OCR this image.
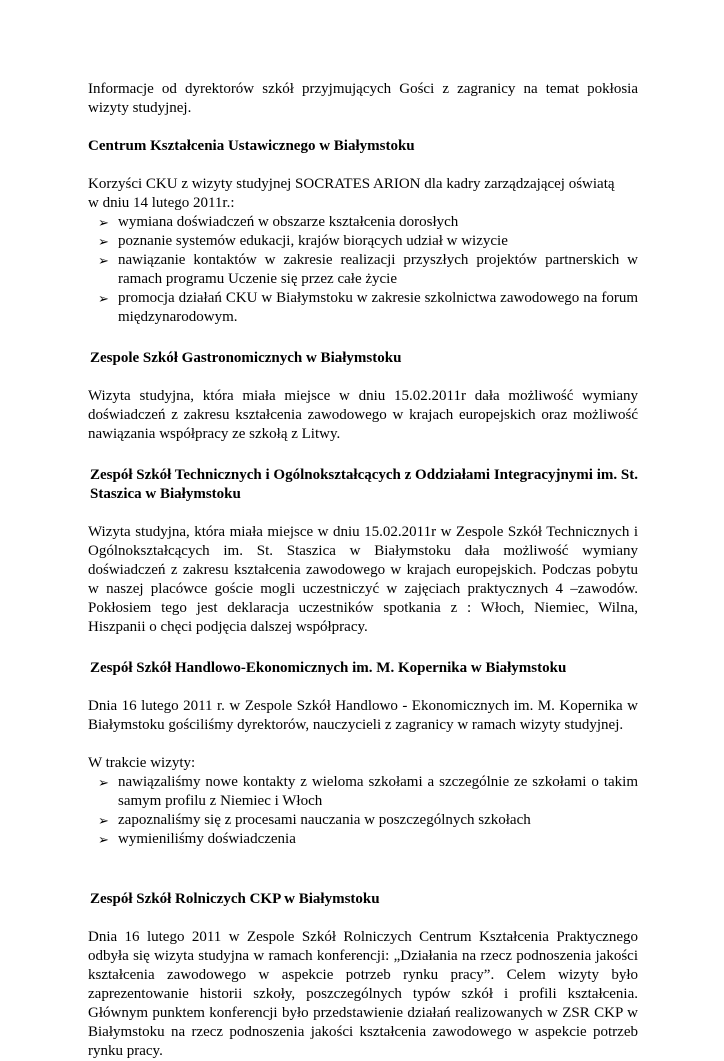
Informacje od dyrektorów szkół przyjmujących Gości z zagranicy na temat pokłosia wizyty studyjnej.

Centrum Kształcenia Ustawicznego w Białymstoku

Korzyści CKU z wizyty studyjnej SOCRATES ARION dla kadry zarządzającej oświatą

w dniu 14 lutego 2011r.:

➢ wymiana doświadczeń w obszarze kształcenia dorosłych
➢ poznanie systemów edukacji, krajów biorących udział w wizycie
➢ nawiązanie kontaktów w zakresie realizacji przyszłych projektów partnerskich w ramach programu Uczenie się przez całe życie
➢ promocja działań CKU w Białymstoku w zakresie szkolnictwa zawodowego na forum międzynarodowym.
Zespole Szkół Gastronomicznych w Białymstoku

Wizyta studyjna, która miała miejsce w dniu 15.02.2011r dała możliwość wymiany doświadczeń z zakresu kształcenia zawodowego w krajach europejskich oraz możliwość nawiązania współpracy ze szkołą z Litwy.

Zespół Szkół Technicznych i Ogólnokształcących z Oddziałami Integracyjnymi im. St. Staszica w Białymstoku

Wizyta studyjna, która miała miejsce w dniu 15.02.2011r w Zespole Szkół Technicznych i Ogólnokształcących im. St. Staszica w Białymstoku dała możliwość wymiany doświadczeń z zakresu kształcenia zawodowego w krajach europejskich. Podczas pobytu w naszej placówce goście mogli uczestniczyć w zajęciach praktycznych 4 –zawodów. Pokłosiem tego jest deklaracja uczestników spotkania z : Włoch, Niemiec, Wilna, Hiszpanii o chęci podjęcia dalszej współpracy.

Zespół Szkół Handlowo-Ekonomicznych im. M. Kopernika w Białymstoku

Dnia 16 lutego 2011 r. w Zespole Szkół Handlowo - Ekonomicznych im. M. Kopernika w Białymstoku gościliśmy dyrektorów, nauczycieli z zagranicy w ramach wizyty studyjnej.

W trakcie wizyty:

➢ nawiązaliśmy nowe kontakty z wieloma szkołami a szczególnie ze szkołami o takim samym profilu z Niemiec i Włoch
➢ zapoznaliśmy się z procesami nauczania w poszczególnych szkołach
➢ wymieniliśmy doświadczenia
Zespół Szkół Rolniczych CKP w Białymstoku

Dnia 16 lutego 2011 w Zespole Szkół Rolniczych Centrum Kształcenia Praktycznego odbyła się wizyta studyjna w ramach konferencji: „Działania na rzecz podnoszenia jakości kształcenia zawodowego w aspekcie potrzeb rynku pracy”. Celem wizyty było zaprezentowanie historii szkoły, poszczególnych typów szkół i profili kształcenia. Głównym punktem konferencji było przedstawienie działań realizowanych w ZSR CKP w Białymstoku na rzecz podnoszenia jakości kształcenia zawodowego w aspekcie potrzeb rynku pracy.
